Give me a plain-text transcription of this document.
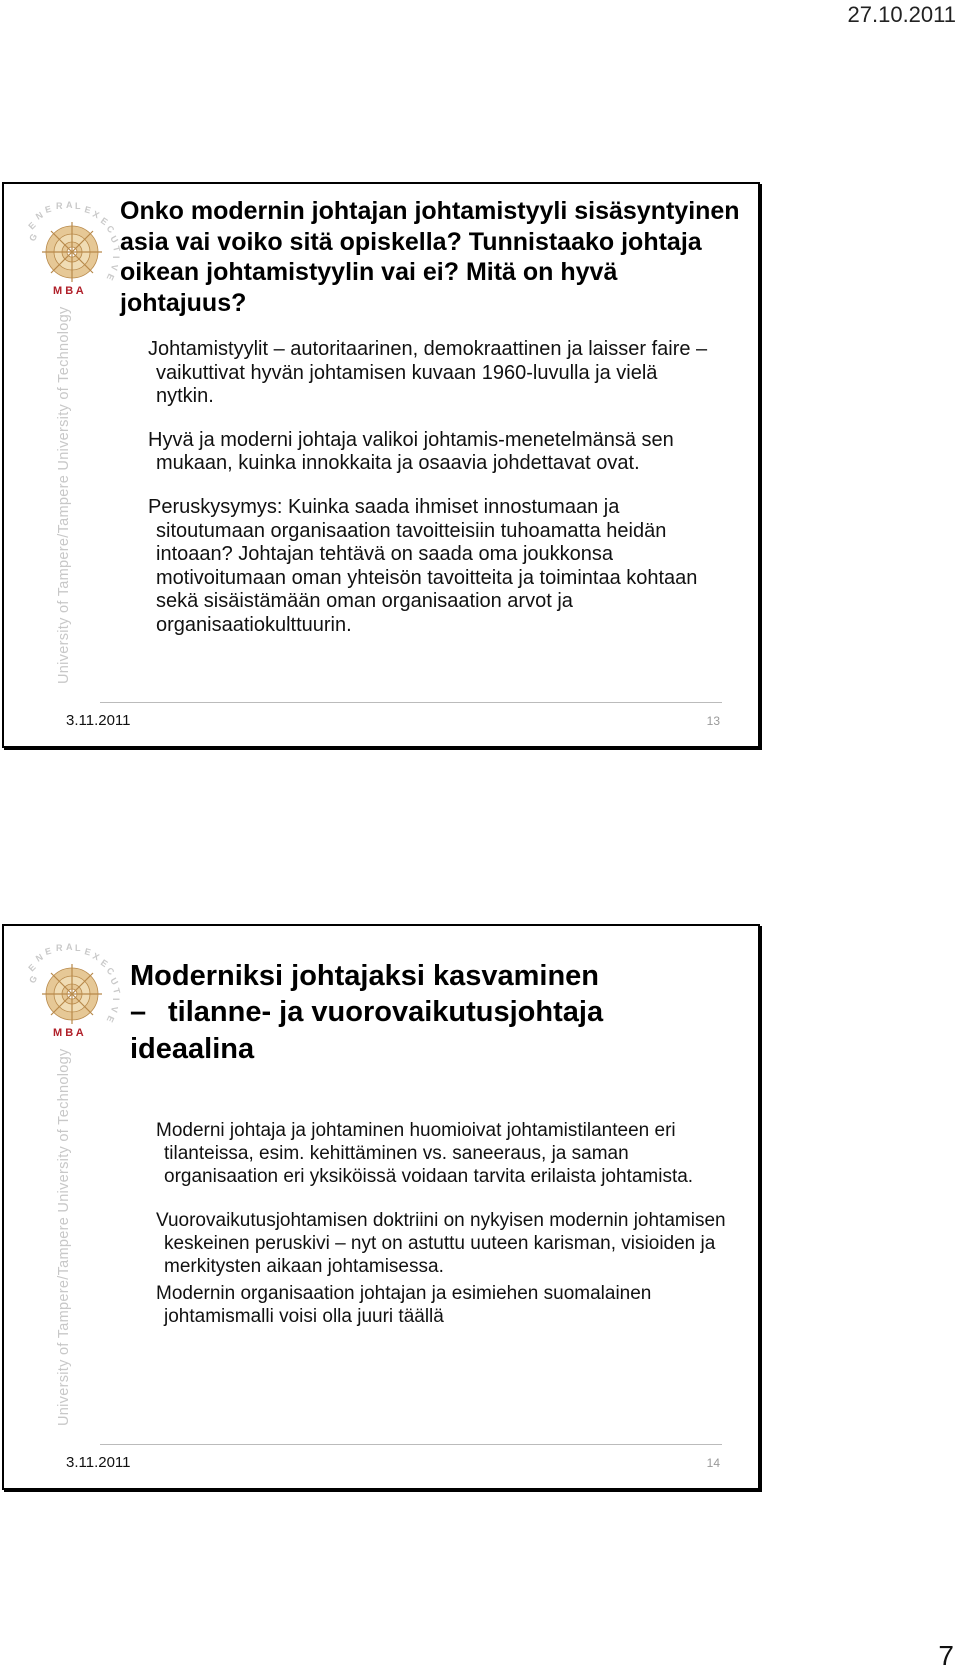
27.10.2011
G
E
N
E R A L E X
E
C
U
T
I
V
E
M B A
University of Tampere/Tampere University of Technology
Onko modernin johtajan johtamistyyli sisäsyntyinen asia vai voiko sitä opiskella? Tunnistaako johtaja oikean johtamistyylin vai ei? Mitä on hyvä johtajuus?
Johtamistyylit – autoritaarinen, demokraattinen ja laisser faire – vaikuttivat hyvän johtamisen kuvaan 1960-luvulla ja vielä nytkin.
Hyvä ja moderni johtaja valikoi johtamis-menetelmänsä sen mukaan, kuinka innokkaita ja osaavia johdettavat ovat.
Peruskysymys: Kuinka saada ihmiset innostumaan ja sitoutumaan organisaation tavoitteisiin tuhoamatta heidän intoaan? Johtajan tehtävä on saada oma joukkonsa motivoitumaan oman yhteisön tavoitteita ja toimintaa kohtaan sekä sisäistämään oman organisaation arvot ja organisaatiokulttuurin.
3.11.2011	13
G
E
N
E R A L E X
E
C
U
T
I
V
E
M B A
University of Tampere/Tampere University of Technology
Moderniksi johtajaksi kasvaminen
– tilanne- ja vuorovaikutusjohtaja
ideaalina
Moderni johtaja ja johtaminen huomioivat johtamistilanteen eri tilanteissa, esim. kehittäminen vs. saneeraus, ja saman organisaation eri yksiköissä voidaan tarvita erilaista johtamista.
Vuorovaikutusjohtamisen doktriini on nykyisen modernin johtamisen keskeinen peruskivi – nyt on astuttu uuteen karisman, visioiden ja merkitysten aikaan johtamisessa.
Modernin organisaation johtajan ja esimiehen suomalainen johtamismalli voisi olla juuri täällä
3.11.2011	14
7
